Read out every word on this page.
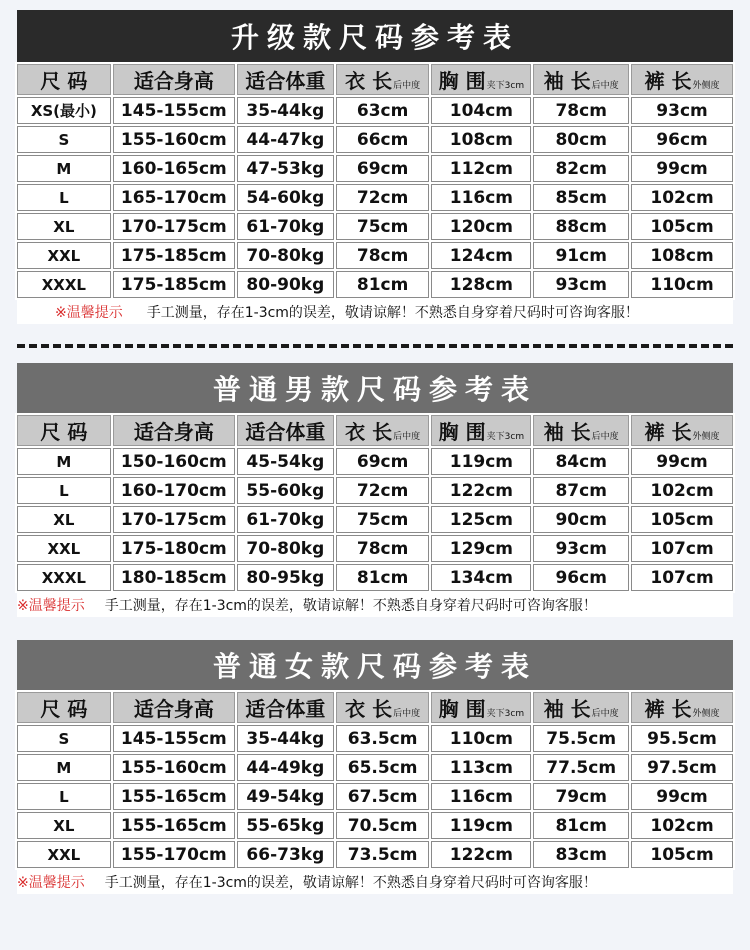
升级款尺码参考表
尺 码	适合身高	适合体重	衣 长后中度	胸 围夹下3cm	袖 长后中度	裤 长外侧度
XS(最小)	145-155cm	35-44kg	63cm	104cm	78cm	93cm
S	155-160cm	44-47kg	66cm	108cm	80cm	96cm
M	160-165cm	47-53kg	69cm	112cm	82cm	99cm
L	165-170cm	54-60kg	72cm	116cm	85cm	102cm
XL	170-175cm	61-70kg	75cm	120cm	88cm	105cm
XXL	175-185cm	70-80kg	78cm	124cm	91cm	108cm
XXXL	175-185cm	80-90kg	81cm	128cm	93cm	110cm
※温馨提示 手工测量，存在1-3cm的误差，敬请谅解！不熟悉自身穿着尺码时可咨询客服！
普通男款尺码参考表
尺 码	适合身高	适合体重	衣 长后中度	胸 围夹下3cm	袖 长后中度	裤 长外侧度
M	150-160cm	45-54kg	69cm	119cm	84cm	99cm
L	160-170cm	55-60kg	72cm	122cm	87cm	102cm
XL	170-175cm	61-70kg	75cm	125cm	90cm	105cm
XXL	175-180cm	70-80kg	78cm	129cm	93cm	107cm
XXXL	180-185cm	80-95kg	81cm	134cm	96cm	107cm
※温馨提示 手工测量，存在1-3cm的误差，敬请谅解！不熟悉自身穿着尺码时可咨询客服！
普通女款尺码参考表
尺 码	适合身高	适合体重	衣 长后中度	胸 围夹下3cm	袖 长后中度	裤 长外侧度
S	145-155cm	35-44kg	63.5cm	110cm	75.5cm	95.5cm
M	155-160cm	44-49kg	65.5cm	113cm	77.5cm	97.5cm
L	155-165cm	49-54kg	67.5cm	116cm	79cm	99cm
XL	155-165cm	55-65kg	70.5cm	119cm	81cm	102cm
XXL	155-170cm	66-73kg	73.5cm	122cm	83cm	105cm
※温馨提示 手工测量，存在1-3cm的误差，敬请谅解！不熟悉自身穿着尺码时可咨询客服！
